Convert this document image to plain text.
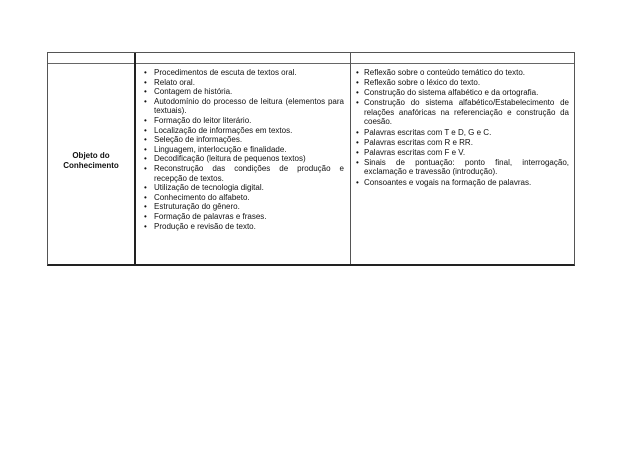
Objeto do
Conhecimento
• Procedimentos de escuta de textos oral.
• Relato oral.
• Contagem de história.
• Autodomínio do processo de leitura (elementos para textuais).
• Formação do leitor literário.
• Localização de informações em textos.
• Seleção de informações.
• Linguagem, interlocução e finalidade.
• Decodificação (leitura de pequenos textos)
• Reconstrução das condições de produção e recepção de textos.
• Utilização de tecnologia digital.
• Conhecimento do alfabeto.
• Estruturação do gênero.
• Formação de palavras e frases.
• Produção e revisão de texto.
• Reflexão sobre o conteúdo temático do texto.
• Reflexão sobre o léxico do texto.
• Construção do sistema alfabético e da ortografia.
• Construção do sistema alfabético/Estabelecimento de relações anafóricas na referenciação e construção da coesão.
• Palavras escritas com T e D, G e C.
• Palavras escritas com R e RR.
• Palavras escritas com F e V.
• Sinais de pontuação: ponto final, interrogação, exclamação e travessão (introdução).
• Consoantes e vogais na formação de palavras.
